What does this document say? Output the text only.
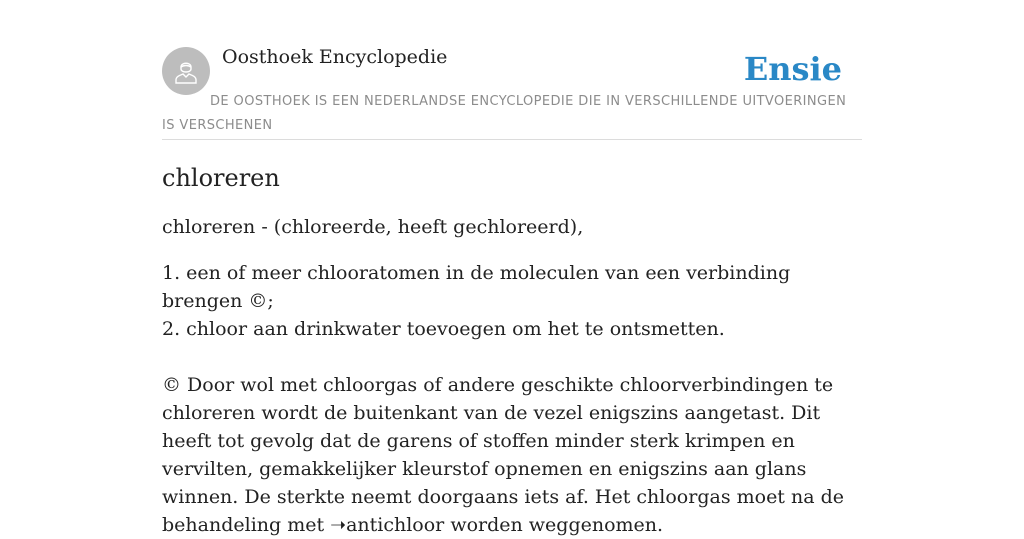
Oosthoek Encyclopedie	Ensie
DE OOSTHOEK IS EEN NEDERLANDSE ENCYCLOPEDIE DIE IN VERSCHILLENDE UITVOERINGEN IS VERSCHENEN
chloreren

chloreren - (chloreerde, heeft gechloreerd),

1. een of meer chlooratomen in de moleculen van een verbinding brengen ©;
2. chloor aan drinkwater toevoegen om het te ontsmetten.

© Door wol met chloorgas of andere geschikte chloorverbindingen te chloreren wordt de buitenkant van de vezel enigszins aangetast. Dit heeft tot gevolg dat de garens of stoffen minder sterk krimpen en vervilten, gemakkelijker kleurstof opnemen en enigszins aan glans winnen. De sterkte neemt doorgaans iets af. Het chloorgas moet na de behandeling met ➝antichloor worden weggenomen.
